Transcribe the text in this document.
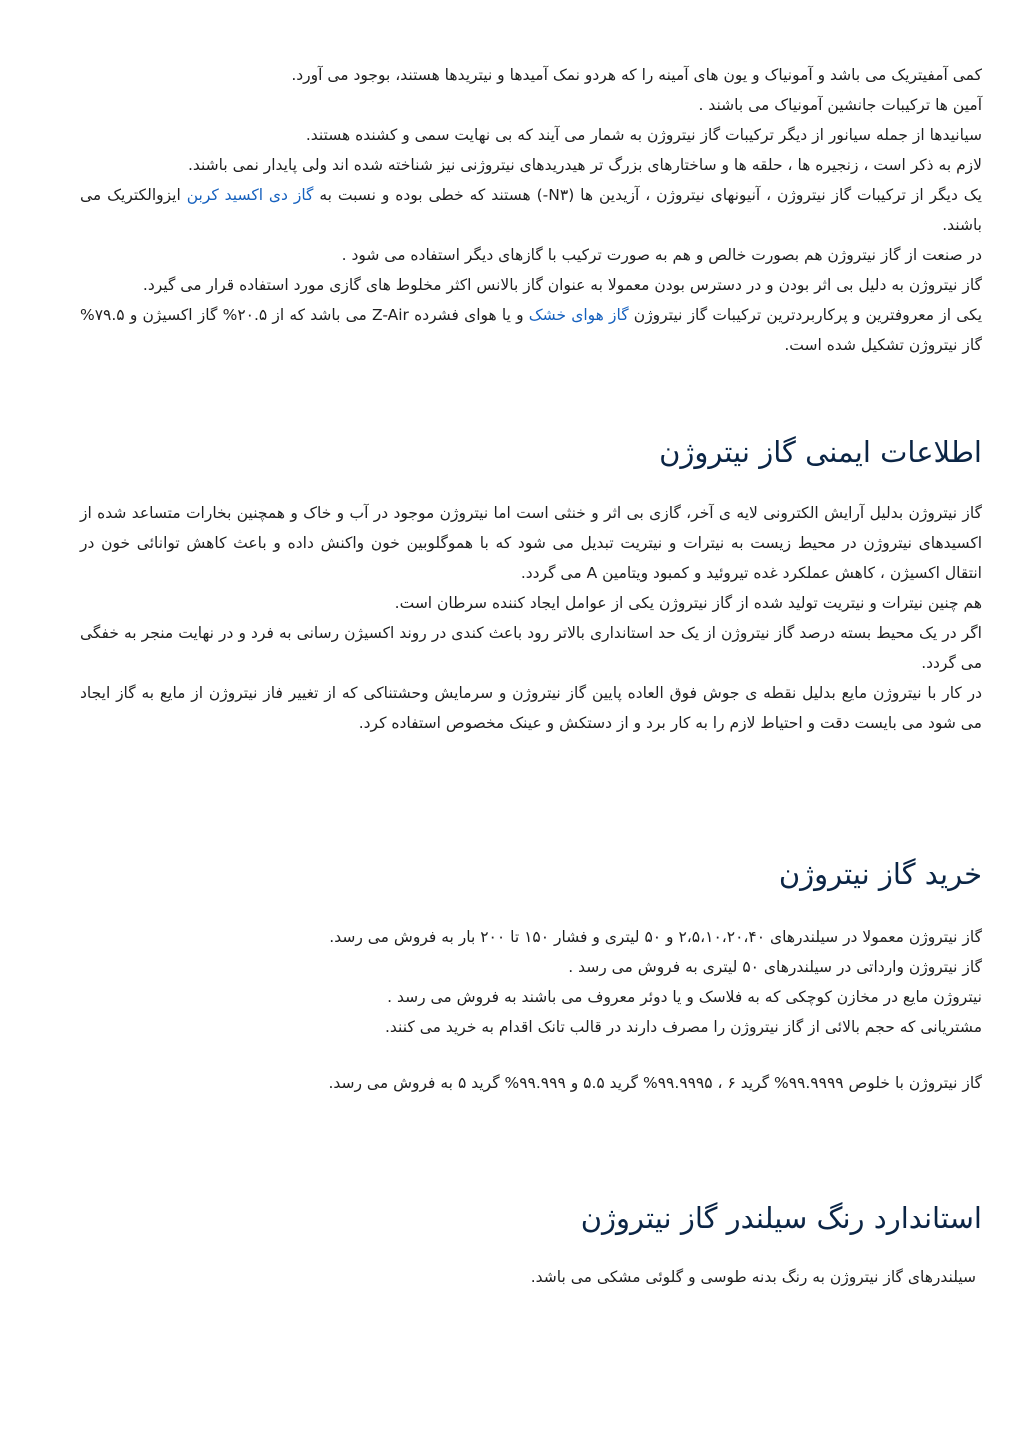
کمی آمفیتریک می باشد و آمونیاک و یون های آمینه را که هردو نمک آمیدها و نیتریدها هستند، بوجود می آورد.

آمین ها ترکیبات جانشین آمونیاک می باشند .

سیانیدها از جمله سیانور از دیگر ترکیبات گاز نیتروژن به شمار می آیند که بی نهایت سمی و کشنده هستند.

لازم به ذکر است ، زنجیره ها ، حلقه ها و ساختارهای بزرگ تر هیدریدهای نیتروژنی نیز شناخته شده اند ولی پایدار نمی باشند.

یک دیگر از ترکیبات گاز نیتروژن ، آنیونهای نیتروژن ، آزیدین ها (N۳-) هستند که خطی بوده و نسبت به گاز دی اکسید کربن ایزوالکتریک می باشند.

در صنعت از گاز نیتروژن هم بصورت خالص و هم به صورت ترکیب با گازهای دیگر استفاده می شود .

گاز نیتروژن به دلیل بی اثر بودن و در دسترس بودن معمولا به عنوان گاز بالانس اکثر مخلوط های گازی مورد استفاده قرار می گیرد.

یکی از معروفترین و پرکاربردترین ترکیبات گاز نیتروژن گاز هوای خشک و یا هوای فشرده Z-Air می باشد که از ۲۰.۵% گاز اکسیژن و ۷۹.۵% گاز نیتروژن تشکیل شده است.

اطلاعات ایمنی گاز نیتروژن

گاز نیتروژن بدلیل آرایش الکترونی لایه ی آخر، گازی بی اثر و خنثی است اما نیتروژن موجود در آب و خاک و همچنین بخارات متساعد شده از اکسیدهای نیتروژن در محیط زیست به نیترات و نیتریت تبدیل می شود که با هموگلوبین خون واکنش داده و باعث کاهش توانائی خون در انتقال اکسیژن ، کاهش عملکرد غده تیروئید و کمبود ویتامین A می گردد.

هم چنین نیترات و نیتریت تولید شده از گاز نیتروژن یکی از عوامل ایجاد کننده سرطان است.

اگر در یک محیط بسته درصد گاز نیتروژن از یک حد استانداری بالاتر رود باعث کندی در روند اکسیژن رسانی به فرد و در نهایت منجر به خفگی می گردد.

در کار با نیتروژن مایع بدلیل نقطه ی جوش فوق العاده پایین گاز نیتروژن و سرمایش وحشتناکی که از تغییر فاز نیتروژن از مایع به گاز ایجاد می شود می بایست دقت و احتیاط لازم را به کار برد و از دستکش و عینک مخصوص استفاده کرد.

خرید گاز نیتروژن

گاز نیتروژن معمولا در سیلندرهای ۲،۵،۱۰،۲۰،۴۰ و ۵۰ لیتری و فشار ۱۵۰ تا ۲۰۰ بار به فروش می رسد.

گاز نیتروژن وارداتی در سیلندرهای ۵۰ لیتری به فروش می رسد .

نیتروژن مایع در مخازن کوچکی که به فلاسک و یا دوئر معروف می باشند به فروش می رسد .

مشتریانی که حجم بالائی از گاز نیتروژن را مصرف دارند در قالب تانک اقدام به خرید می کنند.

گاز نیتروژن با خلوص ۹۹.۹۹۹۹% گرید ۶ ، ۹۹.۹۹۹۵% گرید ۵.۵ و ۹۹.۹۹۹% گرید ۵ به فروش می رسد.

استاندارد رنگ سیلندر گاز نیتروژن

سیلندرهای گاز نیتروژن به رنگ بدنه طوسی و گلوئی مشکی می باشد.
